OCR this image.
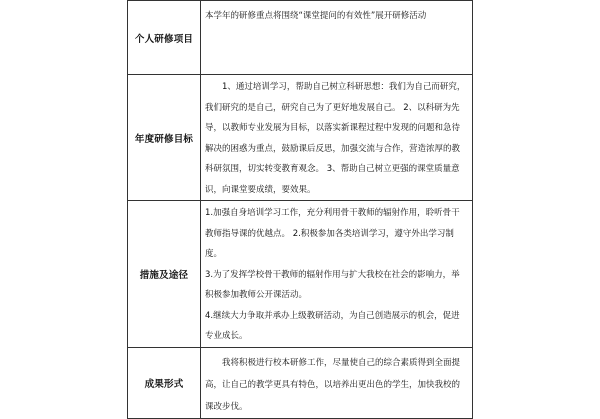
个人研修项目	本学年的研修重点将围绕“课堂提问的有效性”展开研修活动

年度研修目标	1、通过培训学习，帮助自己树立科研思想：我们为自己而研究，我们研究的是自己，研究自己为了更好地发展自己。 2、以科研为先导，以教师专业发展为目标，以落实新课程过程中发现的问题和急待解决的困惑为重点，鼓励课后反思，加强交流与合作，营造浓厚的教科研氛围，切实转变教育观念。 3、帮助自己树立更强的课堂质量意识，向课堂要成绩，要效果。

措施及途径	1.加强自身培训学习工作，充分利用骨干教师的辐射作用，聆听骨干教师指导课的优越点。 2.积极参加各类培训学习，遵守外出学习制度。
3.为了发挥学校骨干教师的辐射作用与扩大我校在社会的影响力，举积极参加教师公开课活动。
4.继续大力争取并承办上级教研活动，为自己创造展示的机会，促进专业成长。

成果形式	我将积极进行校本研修工作，尽量使自己的综合素质得到全面提高，让自己的教学更具有特色，以培养出更出色的学生，加快我校的课改步伐。
